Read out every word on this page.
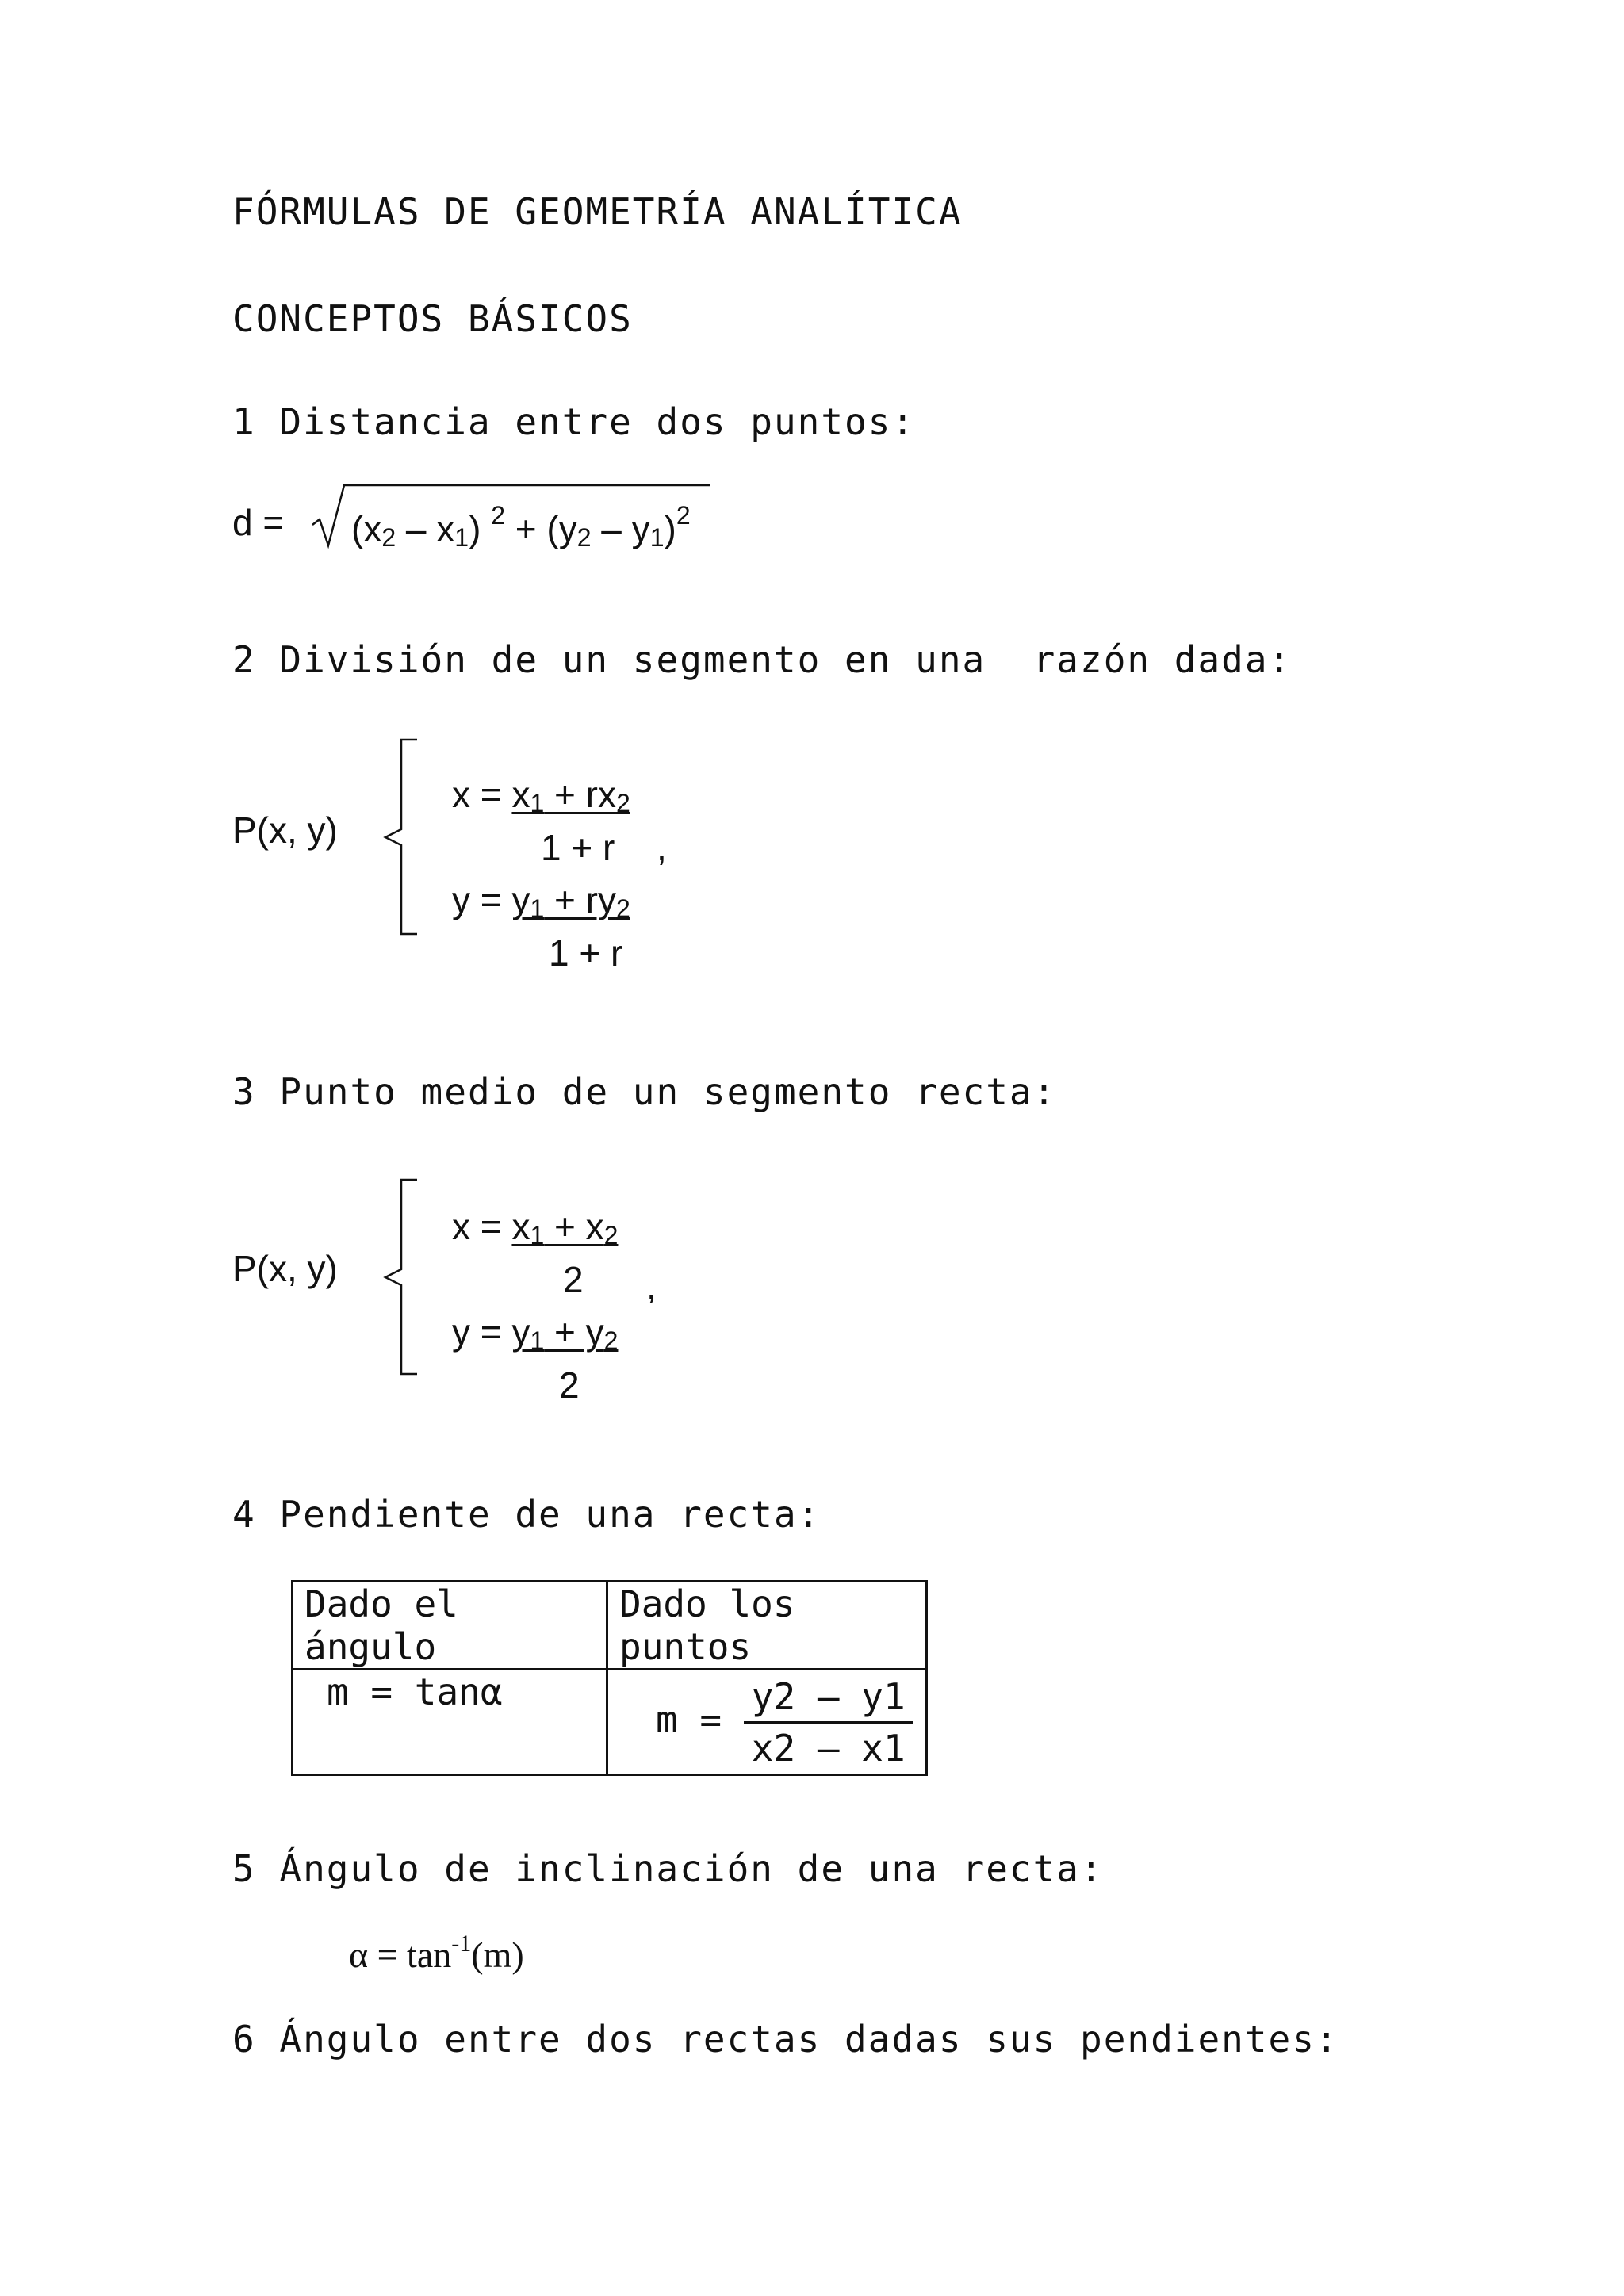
FÓRMULAS DE GEOMETRÍA ANALÍTICA
CONCEPTOS BÁSICOS
1 Distancia entre dos puntos:
d = (x2 – x1) $^2$ + (y2 – y1)$^2$
2 División de un segmento en una  razón dada:
P(x, y)
x = x1 + rx2
1 + r ,
y = y1 + ry2
1 + r
3 Punto medio de un segmento recta:
P(x, y)
x = x1 + x2
2 ,
y = y1 + y2
2
4 Pendiente de una recta:
Dado el ángulo	Dado los puntos
m = tanα	$m = \frac{y2 - y1}{x2 - x1}$
5 Ángulo de inclinación de una recta:
$\alpha = \tan^{-1}(m)$
6 Ángulo entre dos rectas dadas sus pendientes:
